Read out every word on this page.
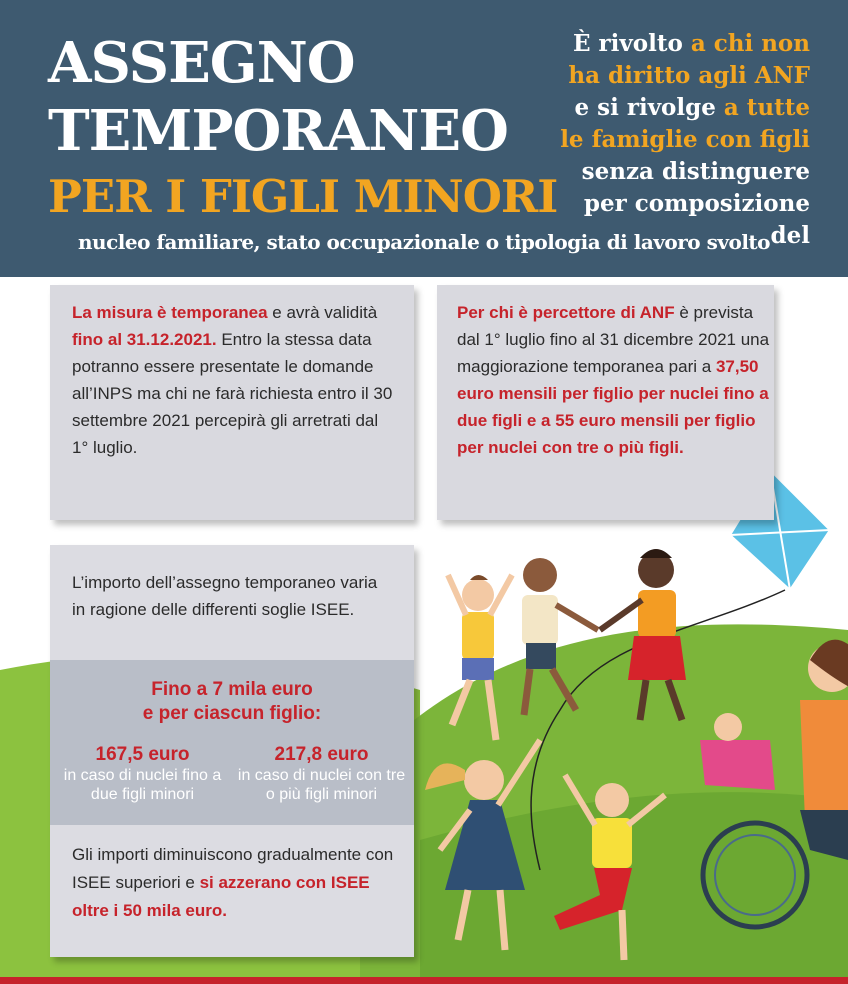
ASSEGNO
TEMPORANEO
PER I FIGLI MINORI
È rivolto a chi non ha diritto agli ANF e si rivolge a tutte le famiglie con figli senza distinguere per composizione del
nucleo familiare, stato occupazionale o tipologia di lavoro svolto

La misura è temporanea e avrà validità fino al 31.12.2021. Entro la stessa data potranno essere presentate le domande all’INPS ma chi ne farà richiesta entro il 30 settembre 2021 percepirà gli arretrati dal 1° luglio.

Per chi è percettore di ANF è prevista dal 1° luglio fino al 31 dicembre 2021 una maggiorazione temporanea pari a 37,50 euro mensili per figlio per nuclei fino a due figli e a 55 euro mensili per figlio per nuclei con tre o più figli.

L’importo dell’assegno temporaneo varia in ragione delle differenti soglie ISEE.
Fino a 7 mila euro
e per ciascun figlio:
167,5 euro
in caso di nuclei fino a due figli minori
217,8 euro
in caso di nuclei con tre o più figli minori
Gli importi diminuiscono gradualmente con ISEE superiori e si azzerano con ISEE oltre i 50 mila euro.
